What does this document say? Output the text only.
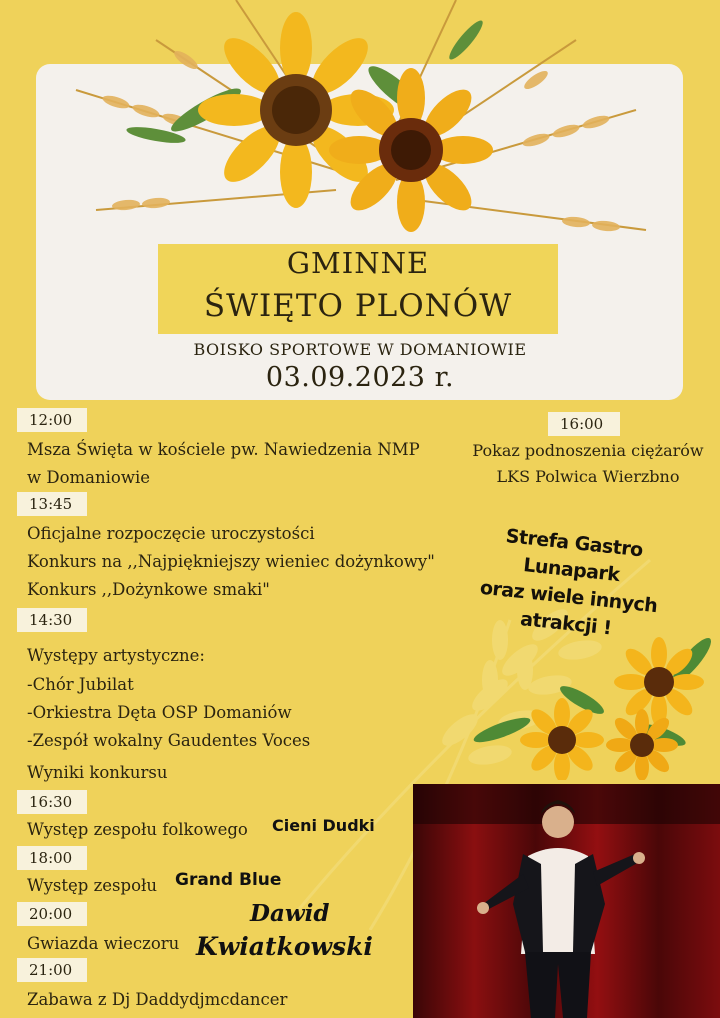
GMINNE
ŚWIĘTO PLONÓW
BOISKO SPORTOWE W DOMANIOWIE
03.09.2023 r.
12:00
Msza Święta w kościele pw. Nawiedzenia NMP
w Domaniowie
13:45
Oficjalne rozpoczęcie uroczystości
Konkurs na ,,Najpiękniejszy wieniec dożynkowy"
Konkurs ,,Dożynkowe smaki"
14:30
Występy artystyczne:
-Chór Jubilat
-Orkiestra Dęta OSP Domaniów
-Zespół wokalny Gaudentes Voces
Wyniki konkursu
16:30
Występ zespołu folkowego Cieni Dudki
18:00
Występ zespołu Grand Blue
20:00
Gwiazda wieczoru
Dawid
Kwiatkowski
21:00
Zabawa z Dj Daddydjmcdancer
16:00
Pokaz podnoszenia ciężarów
LKS Polwica Wierzbno
Strefa Gastro
Lunapark
oraz wiele innych
atrakcji !
